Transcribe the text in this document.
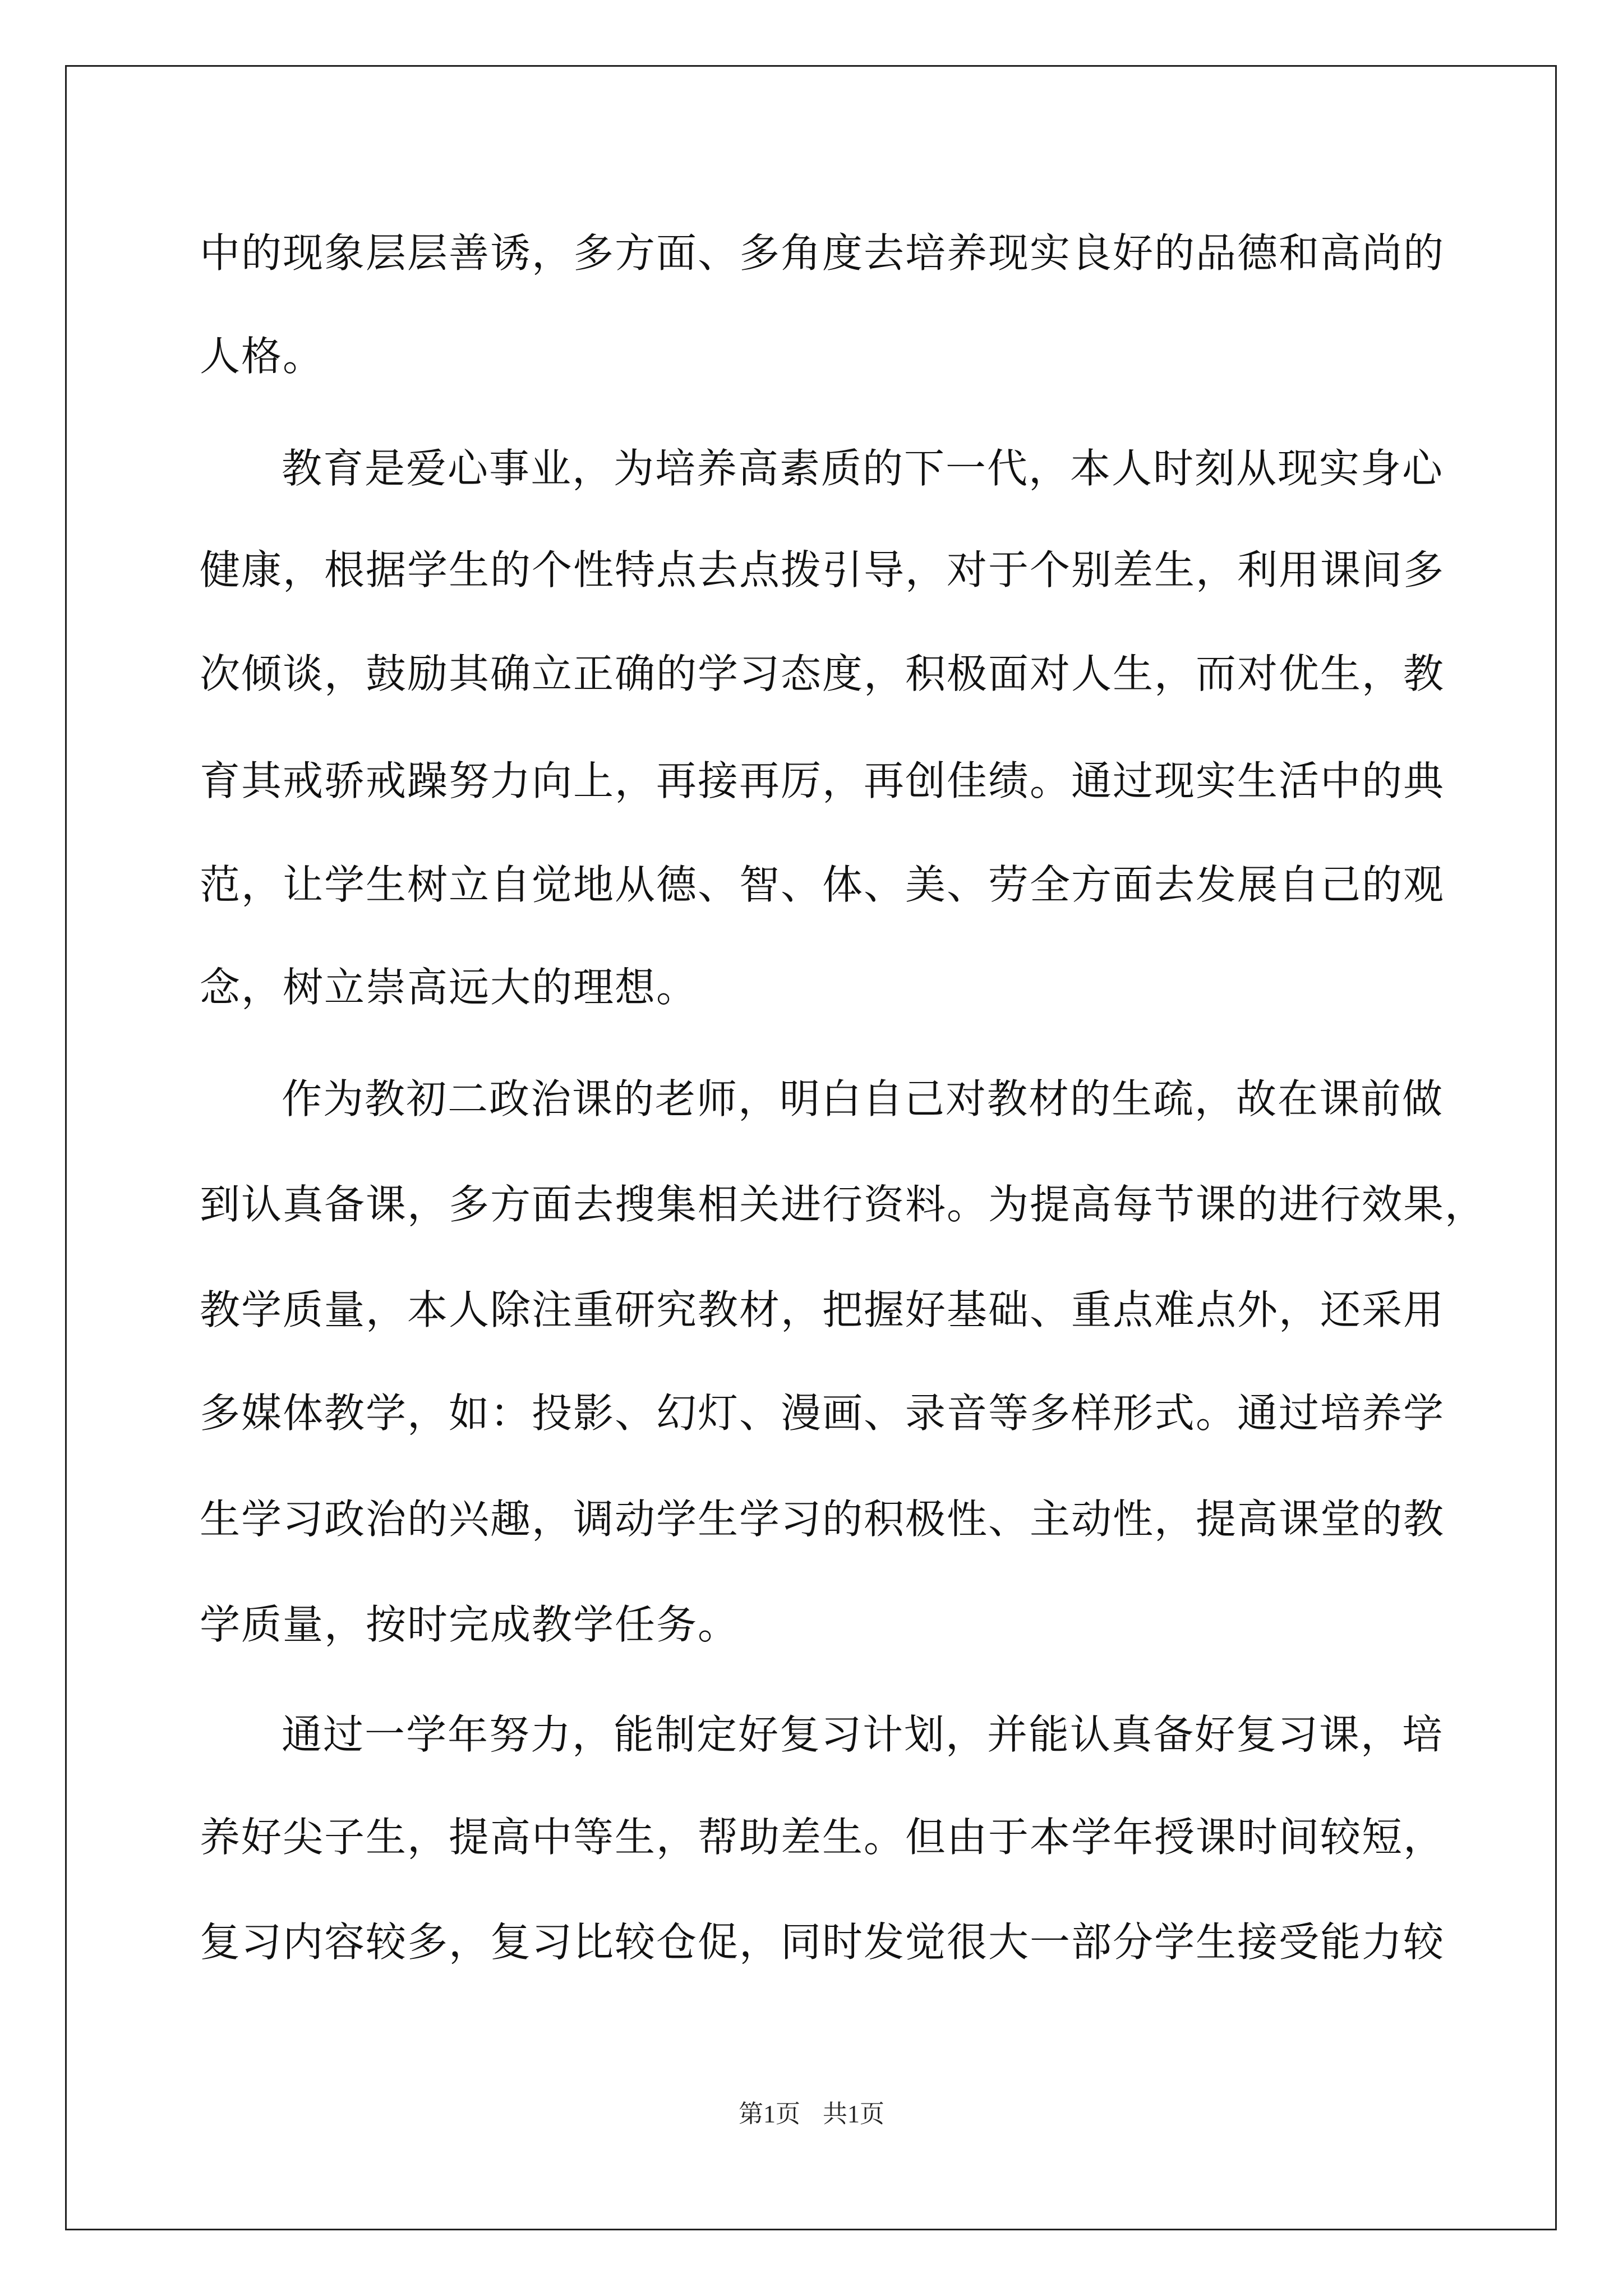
中的现象层层善诱，多方面、多角度去培养现实良好的品德和高尚的
人格。
教育是爱心事业，为培养高素质的下一代，本人时刻从现实身心
健康，根据学生的个性特点去点拨引导，对于个别差生，利用课间多
次倾谈，鼓励其确立正确的学习态度，积极面对人生，而对优生，教
育其戒骄戒躁努力向上，再接再厉，再创佳绩。通过现实生活中的典
范，让学生树立自觉地从德、智、体、美、劳全方面去发展自己的观
念，树立崇高远大的理想。
作为教初二政治课的老师，明白自己对教材的生疏，故在课前做
到认真备课，多方面去搜集相关进行资料。为提高每节课的进行效果，
教学质量，本人除注重研究教材，把握好基础、重点难点外，还采用
多媒体教学，如：投影、幻灯、漫画、录音等多样形式。通过培养学
生学习政治的兴趣，调动学生学习的积极性、主动性，提高课堂的教
学质量，按时完成教学任务。
通过一学年努力，能制定好复习计划，并能认真备好复习课，培
养好尖子生，提高中等生，帮助差生。但由于本学年授课时间较短，
复习内容较多，复习比较仓促，同时发觉很大一部分学生接受能力较
第1页 共1页
